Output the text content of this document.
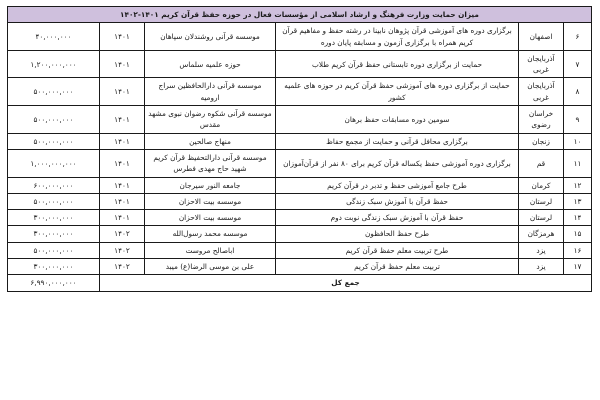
میزان حمایت وزارت فرهنگ و ارشاد اسلامی از مؤسسات فعال در حوزه حفظ قرآن کریم ۱۴۰۱-۱۴۰۲					
۶	اصفهان	برگزاری دوره های آموزشی قرآن پژوهان نابینا در رشته حفظ و مفاهیم قرآن کریم همراه با برگزاری آزمون و مسابقه پایان دوره	موسسه قرآنی روشندلان سپاهان	۱۴۰۱	۴۰,۰۰۰,۰۰۰
۷	آذربایجان غربی	حمایت از برگزاری دوره تابستانی حفظ قرآن کریم طلاب	حوزه علمیه سلماس	۱۴۰۱	۱,۲۰۰,۰۰۰,۰۰۰
۸	آذربایجان غربی	حمایت از برگزاری دوره های آموزشی حفظ قرآن کریم در حوزه های علمیه کشور	موسسه قرآنی دارالحافظین سراج ارومیه	۱۴۰۱	۵۰۰,۰۰۰,۰۰۰
۹	خراسان رضوی	سومین دوره مسابقات حفظ برهان	موسسه قرآنی شکوه رضوان نبوی مشهد مقدس	۱۴۰۱	۵۰۰,۰۰۰,۰۰۰
۱۰	زنجان	برگزاری محافل قرآنی و حمایت از مجمع حفاظ	منهاج صالحین	۱۴۰۱	۵۰۰,۰۰۰,۰۰۰
۱۱	قم	برگزاری دوره آموزشی حفظ یکساله قرآن کریم برای ۸۰ نفر از قرآن‌آموزان	موسسه قرآنی دارالتحفیظ قرآن کریم شهید حاج مهدی فطرس	۱۴۰۱	۱,۰۰۰,۰۰۰,۰۰۰
۱۲	کرمان	طرح جامع آموزشی حفظ و تدبر در قرآن کریم	جامعه النور سیرجان	۱۴۰۱	۶۰۰,۰۰۰,۰۰۰
۱۳	لرستان	حفظ قرآن با آموزش سبک زندگی	موسسه بیت الاحزان	۱۴۰۱	۵۰۰,۰۰۰,۰۰۰
۱۴	لرستان	حفظ قرآن با آموزش سبک زندگی نوبت دوم	موسسه بیت الاحزان	۱۴۰۱	۳۰۰,۰۰۰,۰۰۰
۱۵	هرمزگان	طرح حفظ الحافظون	موسسه محمد رسول‌الله	۱۴۰۲	۳۰۰,۰۰۰,۰۰۰
۱۶	یزد	طرح تربیت معلم حفظ قرآن کریم	اباصالح مروست	۱۴۰۲	۵۰۰,۰۰۰,۰۰۰
۱۷	یزد	تربیت معلم حفظ قرآن کریم	علی بن موسی الرضا(ع) میبد	۱۴۰۲	۳۰۰,۰۰۰,۰۰۰
جمع کل					۶,۹۹۰,۰۰۰,۰۰۰
